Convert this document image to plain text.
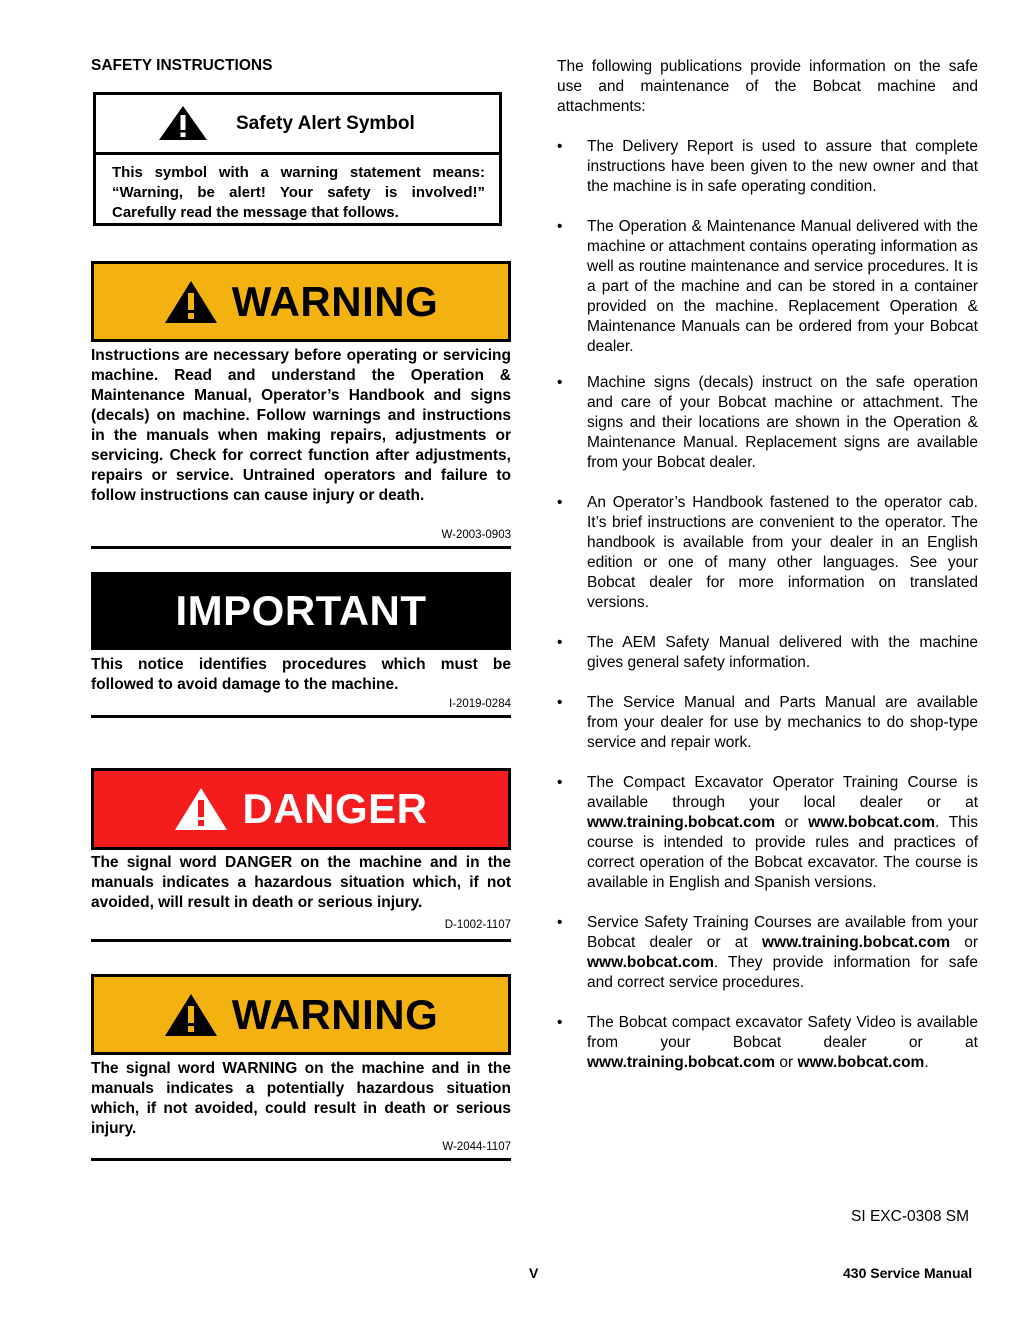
SAFETY INSTRUCTIONS
Safety Alert Symbol
This symbol with a warning statement means: “Warning, be alert! Your safety is involved!” Carefully read the message that follows.
WARNING
Instructions are necessary before operating or servicing machine. Read and understand the Operation & Maintenance Manual, Operator’s Handbook and signs (decals) on machine. Follow warnings and instructions in the manuals when making repairs, adjustments or servicing. Check for correct function after adjustments, repairs or service. Untrained operators and failure to follow instructions can cause injury or death.
W-2003-0903
IMPORTANT
This notice identifies procedures which must be followed to avoid damage to the machine.
I-2019-0284
DANGER
The signal word DANGER on the machine and in the manuals indicates a hazardous situation which, if not avoided, will result in death or serious injury.
D-1002-1107
WARNING
The signal word WARNING on the machine and in the manuals indicates a potentially hazardous situation which, if not avoided, could result in death or serious injury.
W-2044-1107
The following publications provide information on the safe use and maintenance of the Bobcat machine and attachments:
• The Delivery Report is used to assure that complete instructions have been given to the new owner and that the machine is in safe operating condition.
• The Operation & Maintenance Manual delivered with the machine or attachment contains operating information as well as routine maintenance and service procedures. It is a part of the machine and can be stored in a container provided on the machine. Replacement Operation & Maintenance Manuals can be ordered from your Bobcat dealer.
• Machine signs (decals) instruct on the safe operation and care of your Bobcat machine or attachment. The signs and their locations are shown in the Operation & Maintenance Manual. Replacement signs are available from your Bobcat dealer.
• An Operator’s Handbook fastened to the operator cab. It’s brief instructions are convenient to the operator. The handbook is available from your dealer in an English edition or one of many other languages. See your Bobcat dealer for more information on translated versions.
• The AEM Safety Manual delivered with the machine gives general safety information.
• The Service Manual and Parts Manual are available from your dealer for use by mechanics to do shop-type service and repair work.
• The Compact Excavator Operator Training Course is available through your local dealer or at www.training.bobcat.com or www.bobcat.com. This course is intended to provide rules and practices of correct operation of the Bobcat excavator. The course is available in English and Spanish versions.
• Service Safety Training Courses are available from your Bobcat dealer or at www.training.bobcat.com or www.bobcat.com. They provide information for safe and correct service procedures.
• The Bobcat compact excavator Safety Video is available from your Bobcat dealer or at www.training.bobcat.com or www.bobcat.com.
SI EXC-0308 SM
V	430 Service Manual
